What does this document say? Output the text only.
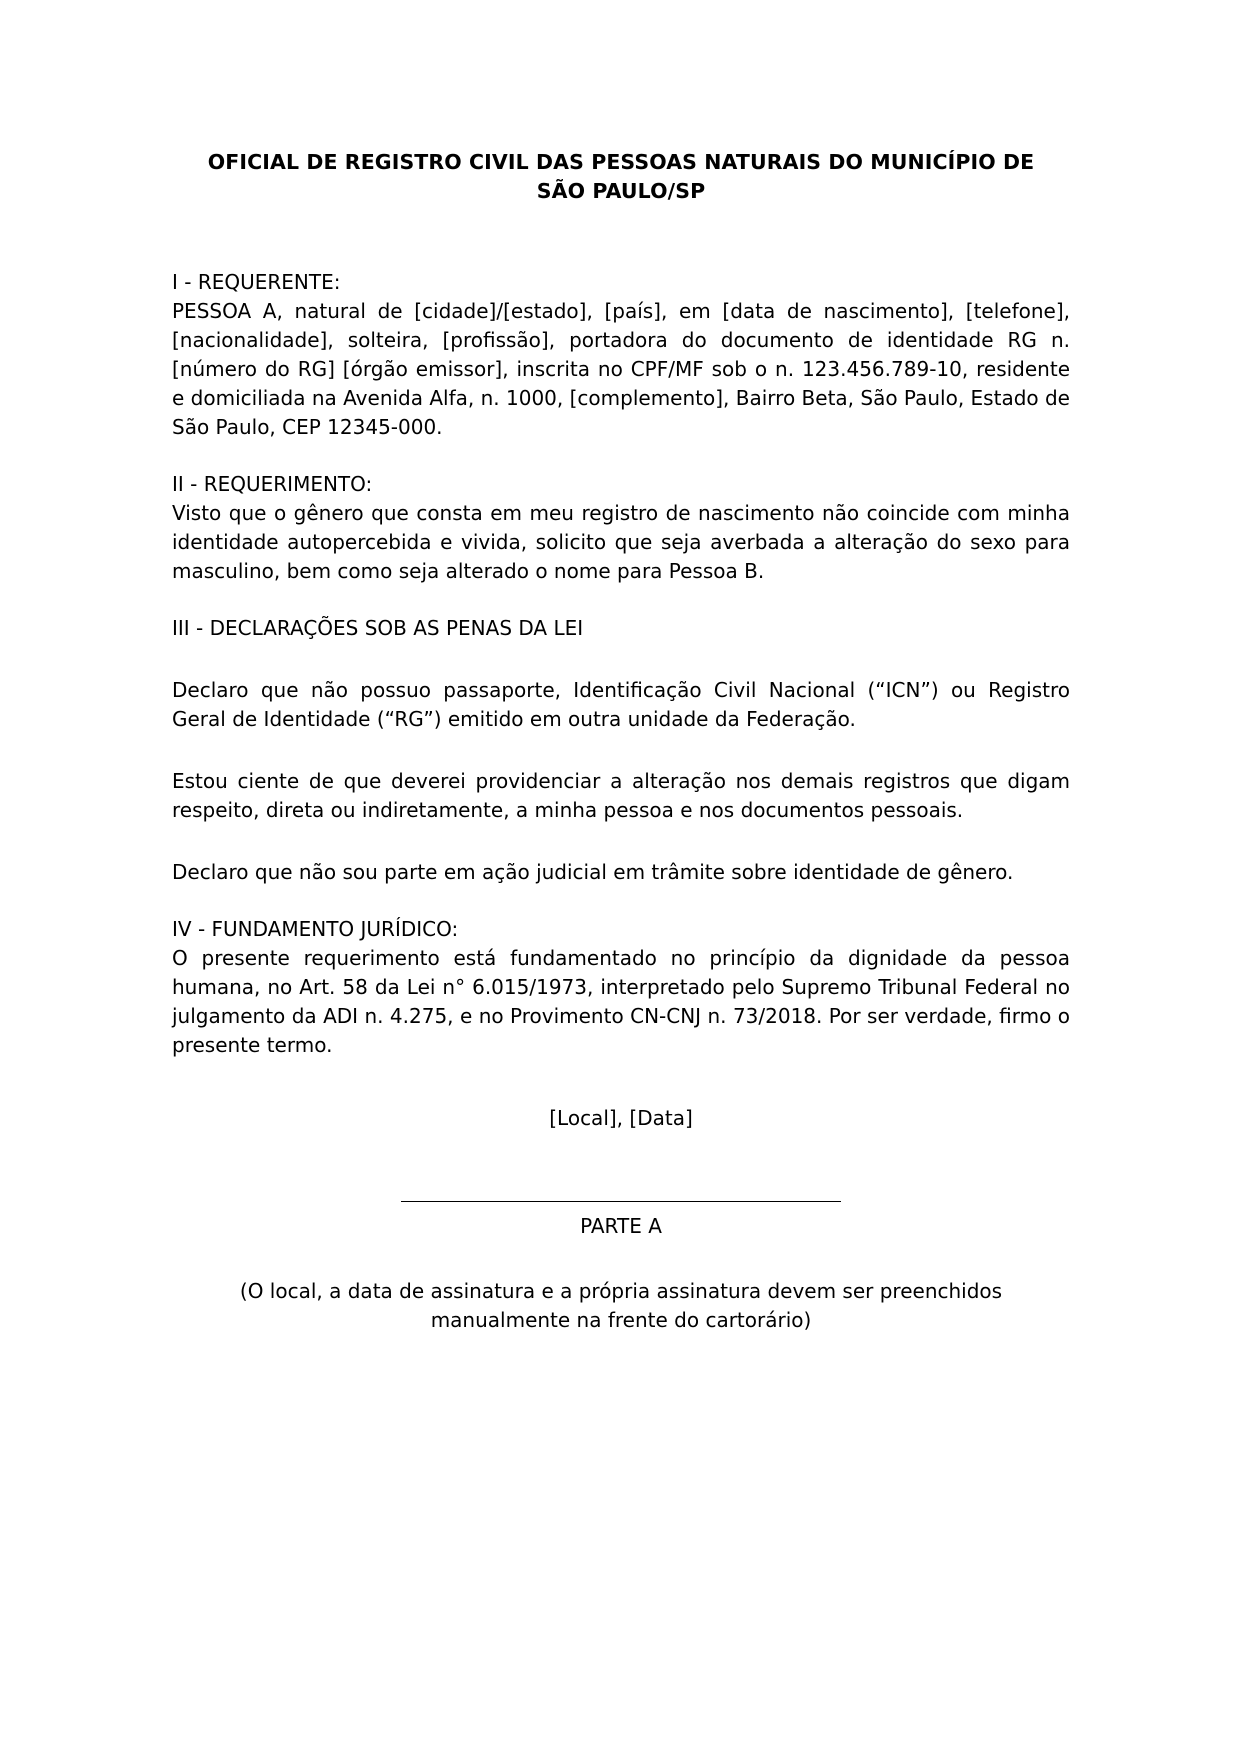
OFICIAL DE REGISTRO CIVIL DAS PESSOAS NATURAIS DO MUNICÍPIO DE
SÃO PAULO/SP
I - REQUERENTE:
PESSOA A, natural de [cidade]/[estado], [país], em [data de nascimento], [telefone], [nacionalidade], solteira, [profissão], portadora do documento de identidade RG n. [número do RG] [órgão emissor], inscrita no CPF/MF sob o n. 123.456.789-10, residente e domiciliada na Avenida Alfa, n. 1000, [complemento], Bairro Beta, São Paulo, Estado de São Paulo, CEP 12345-000.
II - REQUERIMENTO:
Visto que o gênero que consta em meu registro de nascimento não coincide com minha identidade autopercebida e vivida, solicito que seja averbada a alteração do sexo para masculino, bem como seja alterado o nome para Pessoa B.
III - DECLARAÇÕES SOB AS PENAS DA LEI
Declaro que não possuo passaporte, Identificação Civil Nacional (“ICN”) ou Registro Geral de Identidade (“RG”) emitido em outra unidade da Federação.
Estou ciente de que deverei providenciar a alteração nos demais registros que digam respeito, direta ou indiretamente, a minha pessoa e nos documentos pessoais.
Declaro que não sou parte em ação judicial em trâmite sobre identidade de gênero.
IV - FUNDAMENTO JURÍDICO:
O presente requerimento está fundamentado no princípio da dignidade da pessoa humana, no Art. 58 da Lei n° 6.015/1973, interpretado pelo Supremo Tribunal Federal no julgamento da ADI n. 4.275, e no Provimento CN-CNJ n. 73/2018. Por ser verdade, firmo o presente termo.
[Local], [Data]
PARTE A
(O local, a data de assinatura e a própria assinatura devem ser preenchidos
manualmente na frente do cartorário)
